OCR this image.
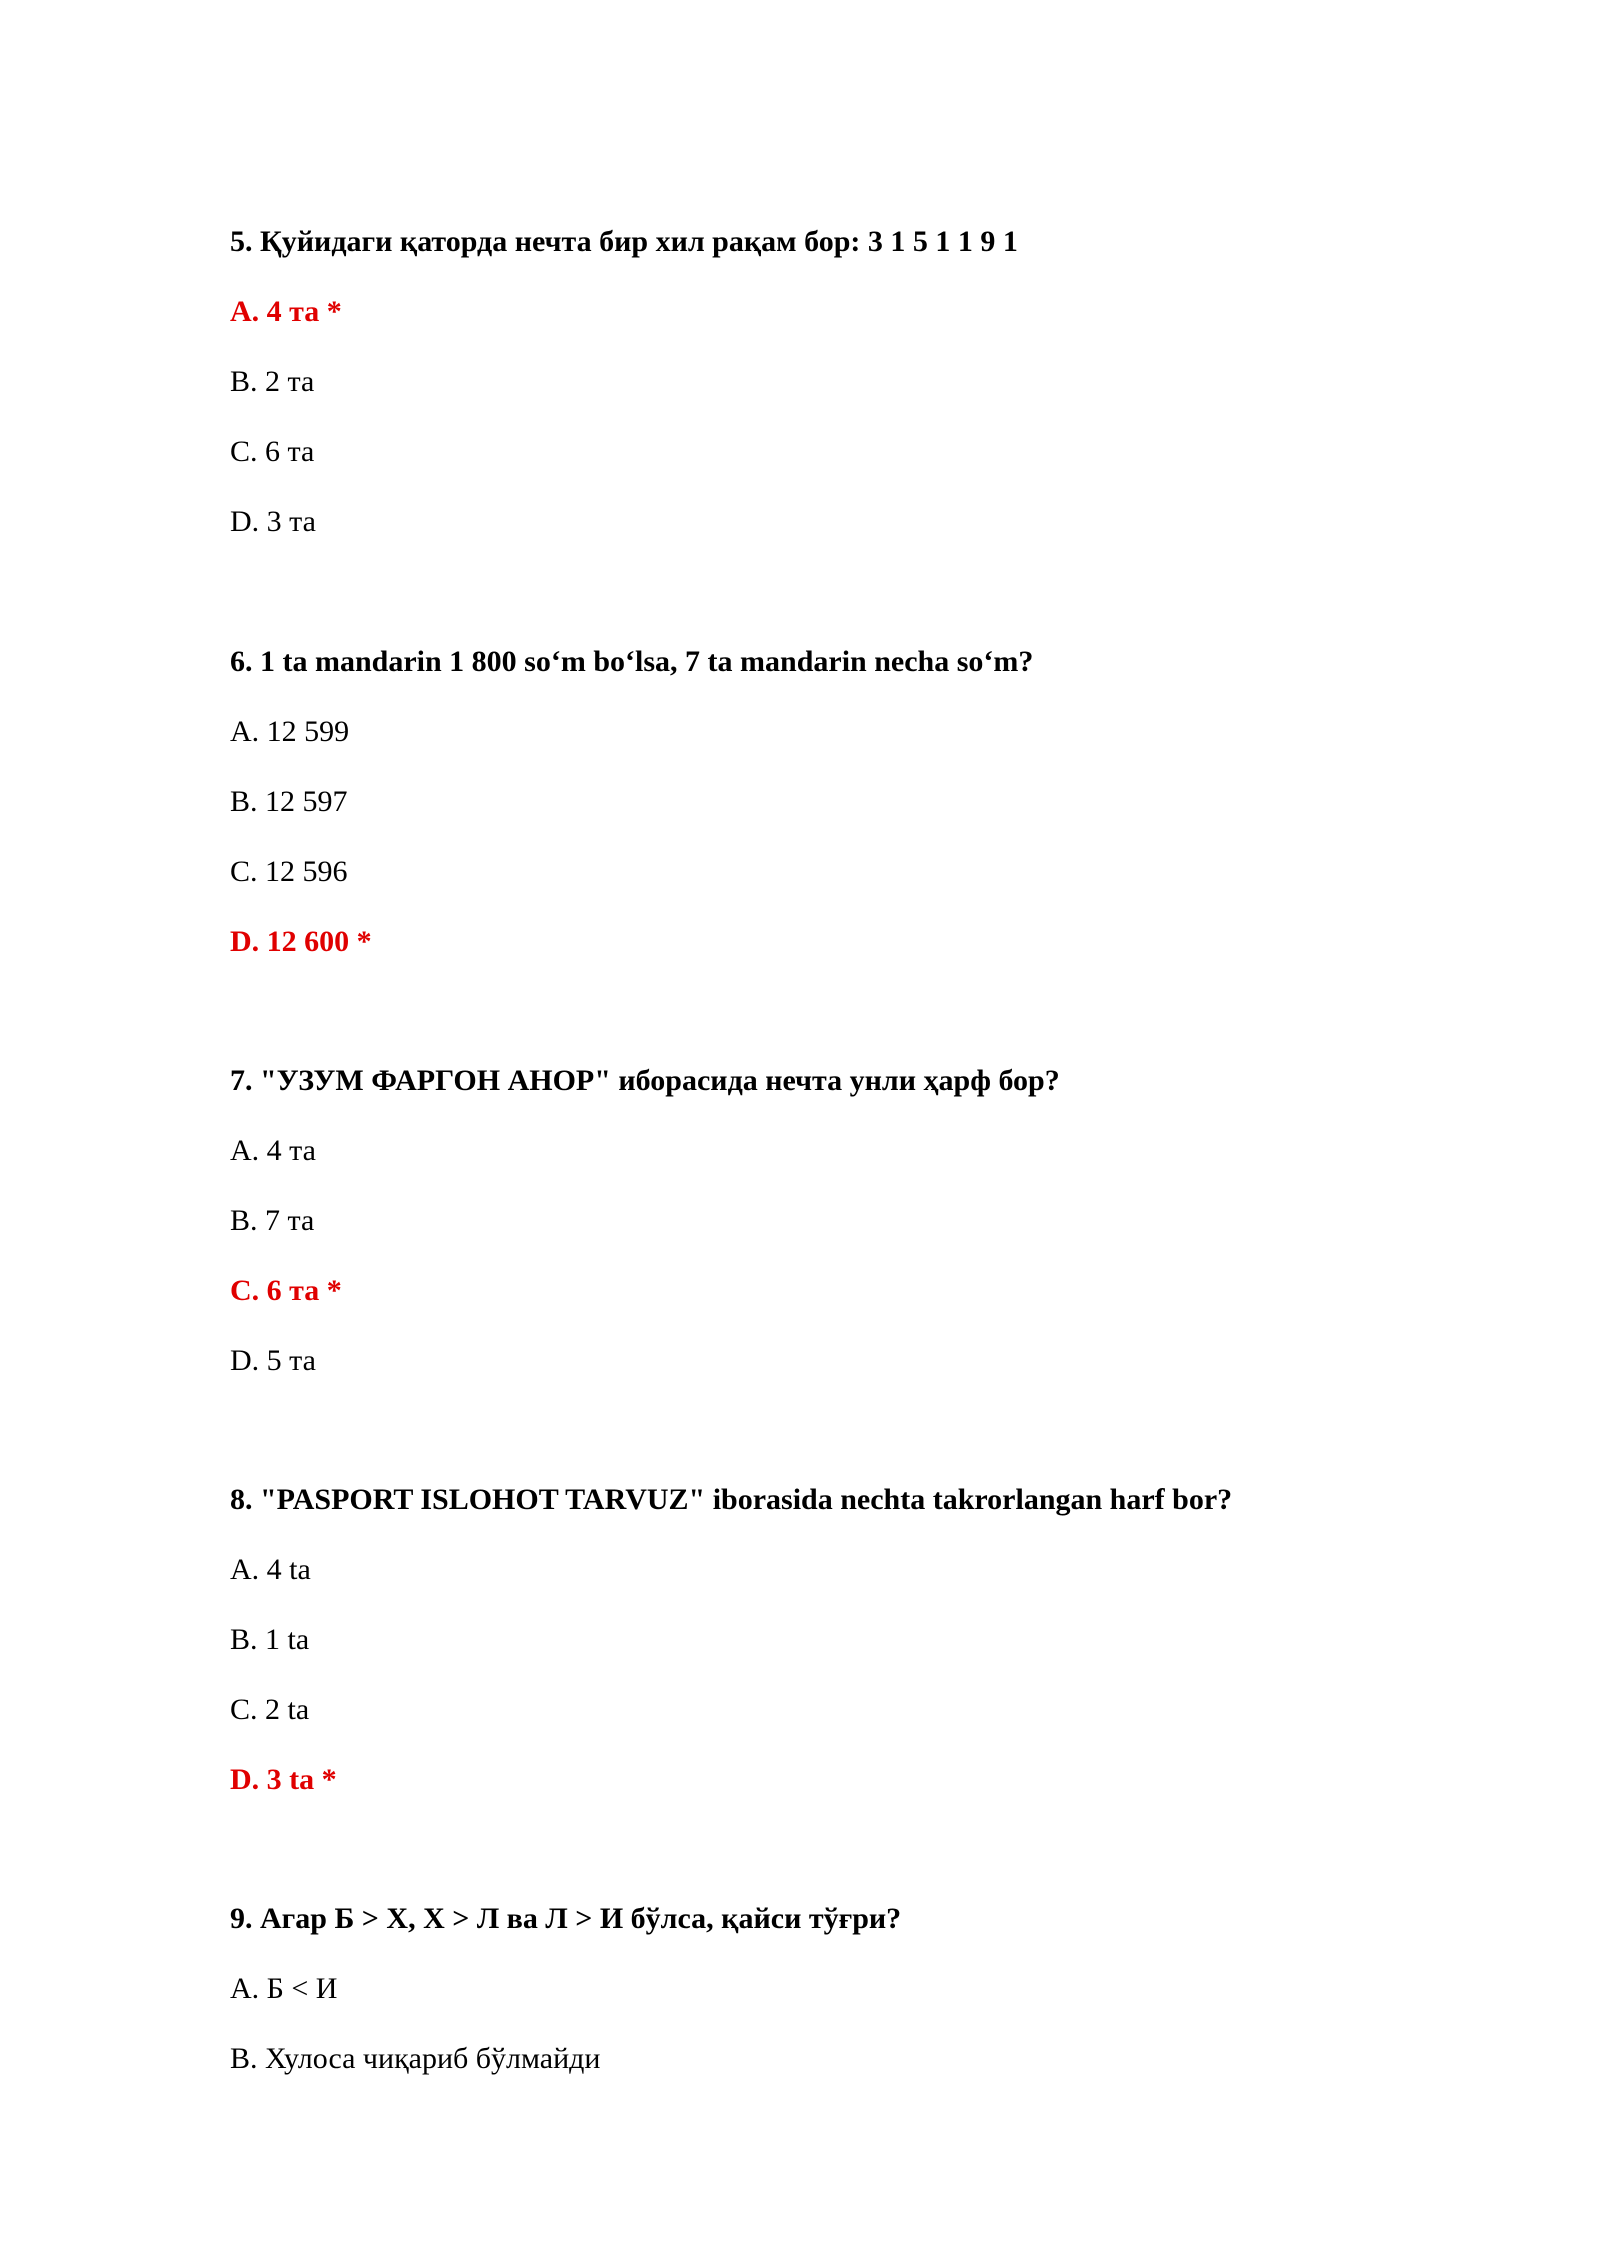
5. Қуйидаги қаторда нечта бир хил рақам бор: 3 1 5 1 1 9 1
A. 4 та *
B. 2 та
C. 6 та
D. 3 та
6. 1 ta mandarin 1 800 so‘m bo‘lsa, 7 ta mandarin necha so‘m?
A. 12 599
B. 12 597
C. 12 596
D. 12 600 *
7. "УЗУМ ФАРГОН АНОР" иборасида нечта унли ҳарф бор?
A. 4 та
B. 7 та
C. 6 та *
D. 5 та
8. "PASPORT ISLOHOT TARVUZ" iborasida nechta takrorlangan harf bor?
A. 4 ta
B. 1 ta
C. 2 ta
D. 3 ta *
9. Агар Б > Х, Х > Л ва Л > И бўлса, қайси тўғри?
A. Б < И
B. Хулоса чиқариб бўлмайди
